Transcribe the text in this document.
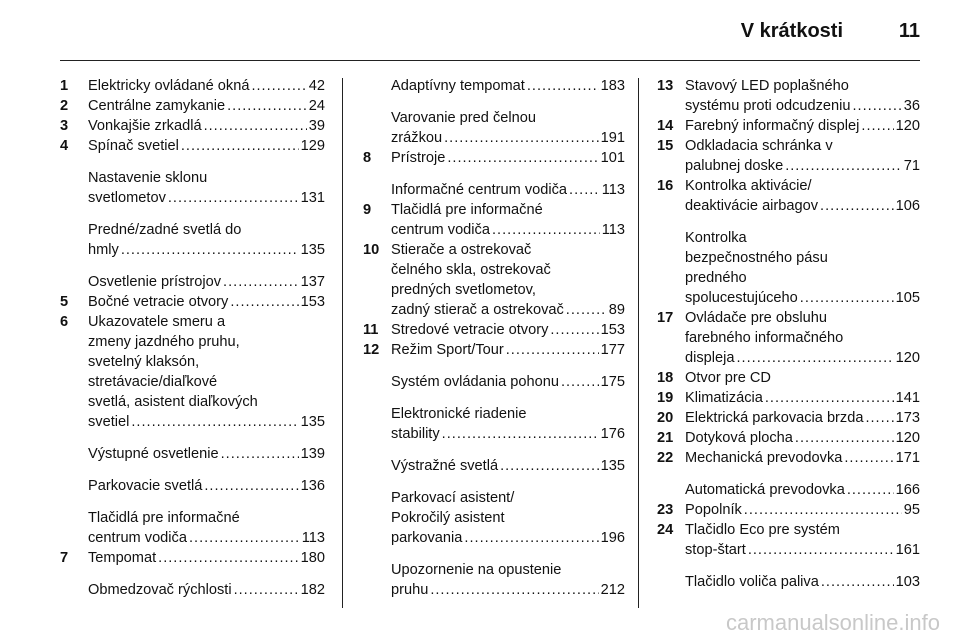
V krátkosti	11
1 Elektricky ovládané okná .....	42
2 Centrálne zamykanie .....	24
3 Vonkajšie zrkadlá .....	39
4 Spínač svetiel .....	129
Nastavenie sklonu
svetlometov .....	131
Predné/zadné svetlá do
hmly .....	135
Osvetlenie prístrojov .....	137
5 Bočné vetracie otvory .....	153
6 Ukazovatele smeru a
zmeny jazdného pruhu,
svetelný klaksón,
stretávacie/diaľkové
svetlá, asistent diaľkových
svetiel .....	135
Výstupné osvetlenie .....	139
Parkovacie svetlá .....	136
Tlačidlá pre informačné
centrum vodiča .....	113
7 Tempomat .....	180
Obmedzovač rýchlosti .....	182
Adaptívny tempomat .....	183
Varovanie pred čelnou
zrážkou .....	191
8 Prístroje .....	101
Informačné centrum vodiča ..... 113
9 Tlačidlá pre informačné
centrum vodiča .....	113
10 Stierače a ostrekovač
čelného skla, ostrekovač
predných svetlometov,
zadný stierač a ostrekovač .....	89
11 Stredové vetracie otvory .....	153
12 Režim Sport/Tour .....	177
Systém ovládania pohonu .....	175
Elektronické riadenie
stability .....	176
Výstražné svetlá .....	135
Parkovací asistent/
Pokročilý asistent
parkovania .....	196
Upozornenie na opustenie
pruhu .....	212
13 Stavový LED poplašného
systému proti odcudzeniu .....	36
14 Farebný informačný displej ..... 120
15 Odkladacia schránka v
palubnej doske .....	71
16 Kontrolka aktivácie/
deaktivácie airbagov .....	106
Kontrolka
bezpečnostného pásu
predného
spolucestujúceho .....	105
17 Ovládače pre obsluhu
farebného informačného
displeja .....	120
18 Otvor pre CD
19 Klimatizácia .....	141
20 Elektrická parkovacia brzda ..... 173
21 Dotyková plocha .....	120
22 Mechanická prevodovka .....	171
Automatická prevodovka .....	166
23 Popolník .....	95
24 Tlačidlo Eco pre systém
stop-štart .....	161
Tlačidlo voliča paliva .....	103
carmanualsonline.info
